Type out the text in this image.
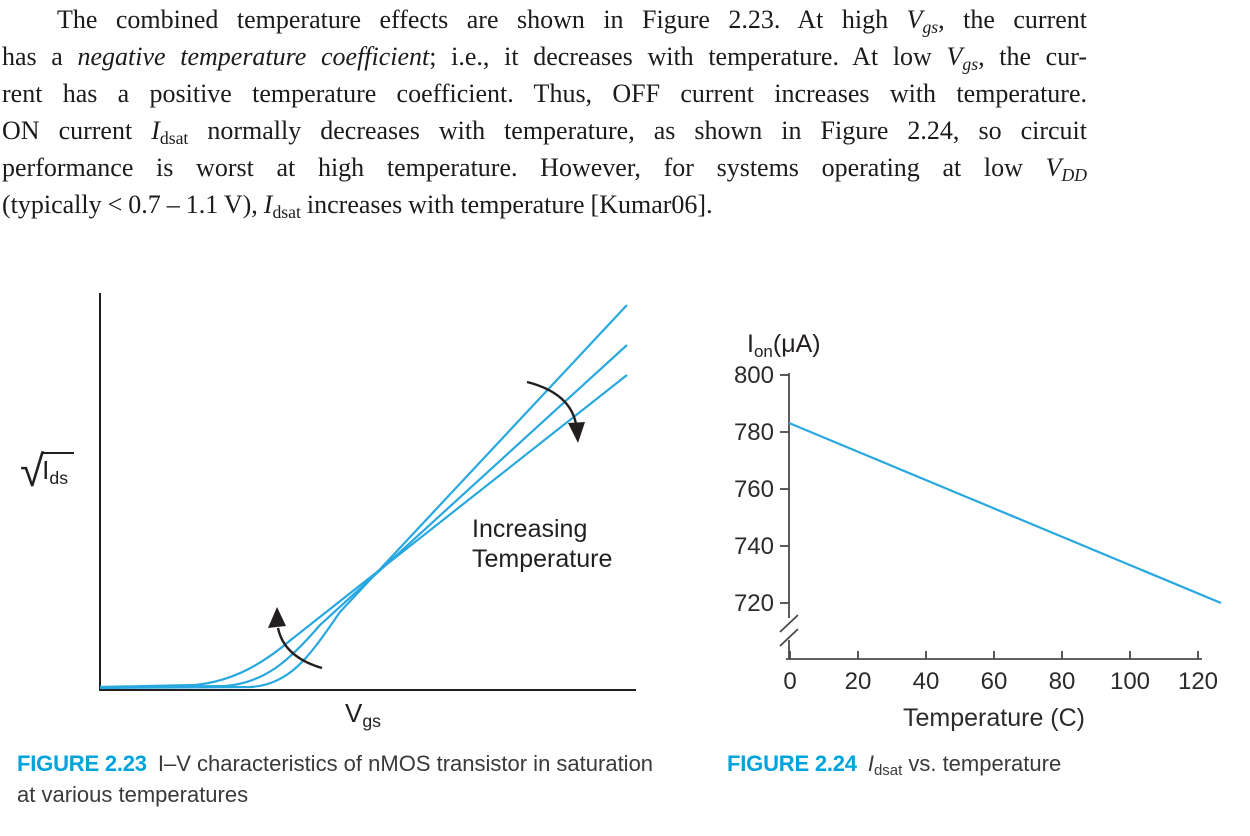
The combined temperature effects are shown in Figure 2.23. At high $V_{gs}$, the current
has a negative temperature coefficient; i.e., it decreases with temperature. At low $V_{gs}$, the cur-
rent has a positive temperature coefficient. Thus, OFF current increases with temperature.
ON current $I_{dsat}$ normally decreases with temperature, as shown in Figure 2.24, so circuit
performance is worst at high temperature. However, for systems operating at low $V_{DD}$
(typically < 0.7 – 1.1 V), $I_{dsat}$ increases with temperature [Kumar06].
Increasing
Temperature
√
$I_{ds}$
$V_{gs}$
FIGURE 2.23 I–V characteristics of nMOS transistor in saturation at various temperatures
800
780
760
740
720
0 20 40 60 80 100 120
Temperature (C)
$I_{on}(\mu A)$
FIGURE 2.24 $I_{dsat}$ vs. temperature
